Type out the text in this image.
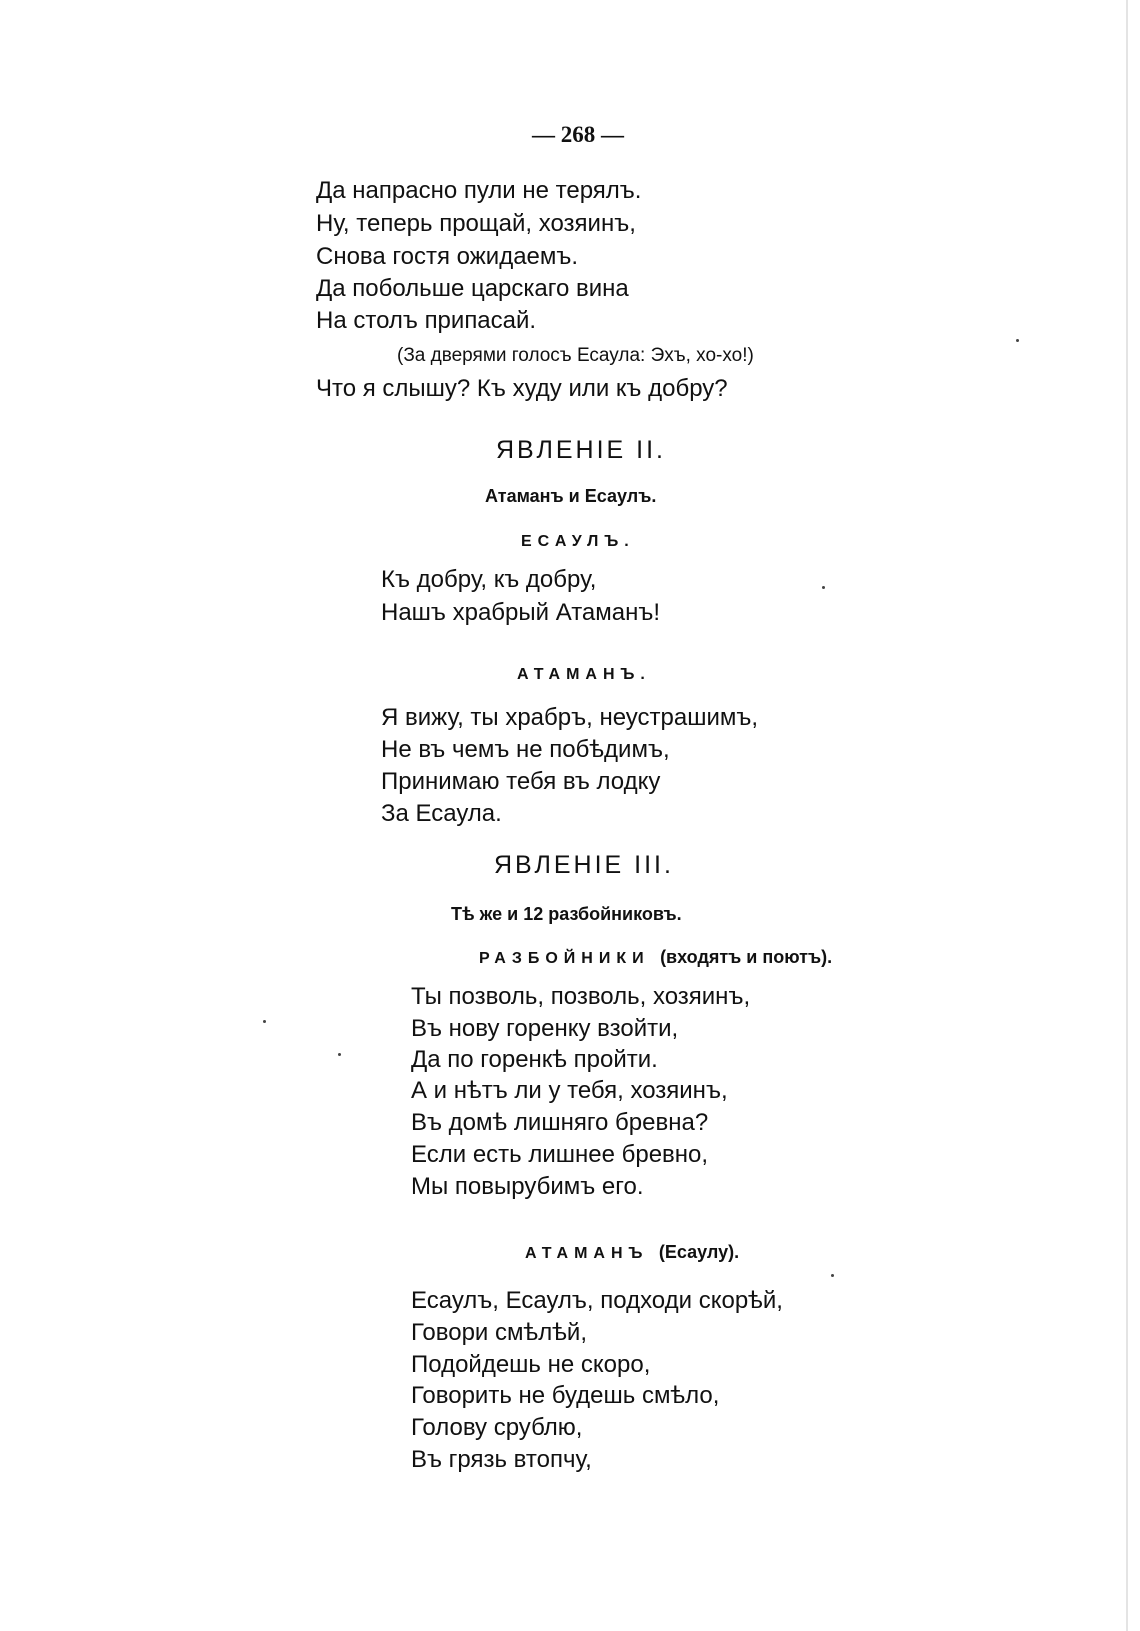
— 268 —
Да напрасно пули не терялъ.
Ну, теперь прощай, хозяинъ,
Снова гостя ожидаемъ.
Да побольше царскаго вина
На столъ припасай.
(За дверями голосъ Есаула: Эхъ, хо-хо!)
Что я слышу? Къ худу или къ добру?
ЯВЛЕНІЕ II.
Атаманъ и Есаулъ.
ЕСАУЛЪ.
Къ добру, къ добру,
Нашъ храбрый Атаманъ!
АТАМАНЪ.
Я вижу, ты храбръ, неустрашимъ,
Не въ чемъ не побѣдимъ,
Принимаю тебя въ лодку
За Есаула.
ЯВЛЕНІЕ III.
Тѣ же и 12 разбойниковъ.
РАЗБОЙНИКИ (входятъ и поютъ).
Ты позволь, позволь, хозяинъ,
Въ нову горенку взойти,
Да по горенкѣ пройти.
А и нѣтъ ли у тебя, хозяинъ,
Въ домѣ лишняго бревна?
Если есть лишнее бревно,
Мы повырубимъ его.
АТАМАНЪ (Есаулу).
Есаулъ, Есаулъ, подходи скорѣй,
Говори смѣлѣй,
Подойдешь не скоро,
Говорить не будешь смѣло,
Голову срублю,
Въ грязь втопчу,
